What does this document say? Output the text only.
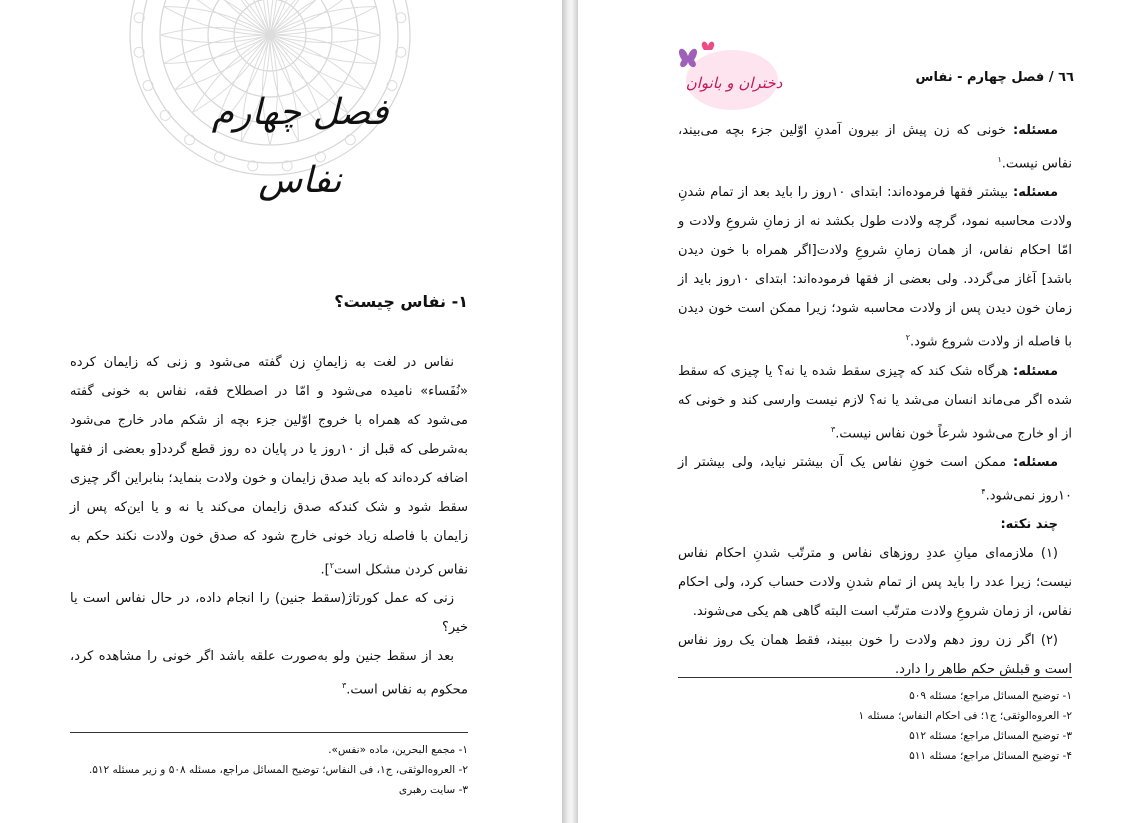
فصل چهارم
نفاس
۱- نفاس چیست؟

نفاس در لغت به زایمانِ زن گفته می‌شود و زنی که زایمان کرده «نُفَساء» نامیده می‌شود و امّا در اصطلاح فقه، نفاس به خونی گفته می‌شود که همراه با خروج اوّلین جزء بچه از شکم مادر خارج می‌شود به‌شرطی که قبل از ۱۰روز یا در پایان ده روز قطع گردد[و بعضی از فقها اضافه کرده‌اند که باید صدق زایمان و خون ولادت بنماید؛ بنابراین اگر چیزی سقط شود و شک کندکه صدق زایمان می‌کند یا نه و یا این‌که پس از زایمان با فاصله زیاد خونی خارج شود که صدق خون ولادت نکند حکم به نفاس کردن مشکل است$^۲$].

زنی که عمل کورتاژ(سقط جنین) را انجام داده، در حال نفاس است یا خیر؟

بعد از سقط جنین ولو به‌صورت علقه باشد اگر خونی را مشاهده کرد، محکوم به نفاس است.$^۳$

۱- مجمع البحرین، ماده «نفس».
۲- العروه‌الوثقی، ج۱، فی النفاس؛ توضیح المسائل مراجع، مسئله ۵۰۸ و زیر مسئله ۵۱۲.
۳- سایت رهبری
دختران و بانوان	٦٦ / فصل چهارم - نفاس

مسئله: خونی که زن پیش از بیرون آمدنِ اوّلین جزء بچه می‌بیند، نفاس نیست.$^۱$

مسئله: بیشتر فقها فرموده‌اند: ابتدای ۱۰روز را باید بعد از تمام شدنِ ولادت محاسبه نمود، گرچه ولادت طول بکشد نه از زمانِ شروعِ ولادت و امّا احکام نفاس، از همان زمانِ شروعِ ولادت[اگر همراه با خون دیدن باشد] آغاز می‌گردد. ولی بعضی از فقها فرموده‌اند: ابتدای ۱۰روز باید از زمان خون دیدن پس از ولادت محاسبه شود؛ زیرا ممکن است خون دیدن با فاصله از ولادت شروع شود.$^۲$

مسئله: هرگاه شک کند که چیزی سقط شده یا نه؟ یا چیزی که سقط شده اگر می‌ماند انسان می‌شد یا نه؟ لازم نیست وارسی کند و خونی که از او خارج می‌شود شرعاً خون نفاس نیست.$^۳$

مسئله: ممکن است خونِ نفاس یک آن بیشتر نیاید، ولی بیشتر از ۱۰روز نمی‌شود.$^۴$

چند نکته:

(۱) ملازمه‌ای میانِ عددِ روزهای نفاس و مترتّب شدنِ احکام نفاس نیست؛ زیرا عدد را باید پس از تمام شدنِ ولادت حساب کرد، ولی احکام نفاس، از زمان شروعِ ولادت مترتّب است البته گاهی هم یکی می‌شوند.

(۲) اگر زن روز دهم ولادت را خون ببیند، فقط همان یک روز نفاس است و قبلش حکم طاهر را دارد.

۱- توضیح المسائل مراجع؛ مسئله ۵۰۹
۲- العروه‌الوثقی؛ ج۱؛ فی احکام النفاس؛ مسئله ۱
۳- توضیح المسائل مراجع؛ مسئله ۵۱۲
۴- توضیح المسائل مراجع؛ مسئله ۵۱۱
